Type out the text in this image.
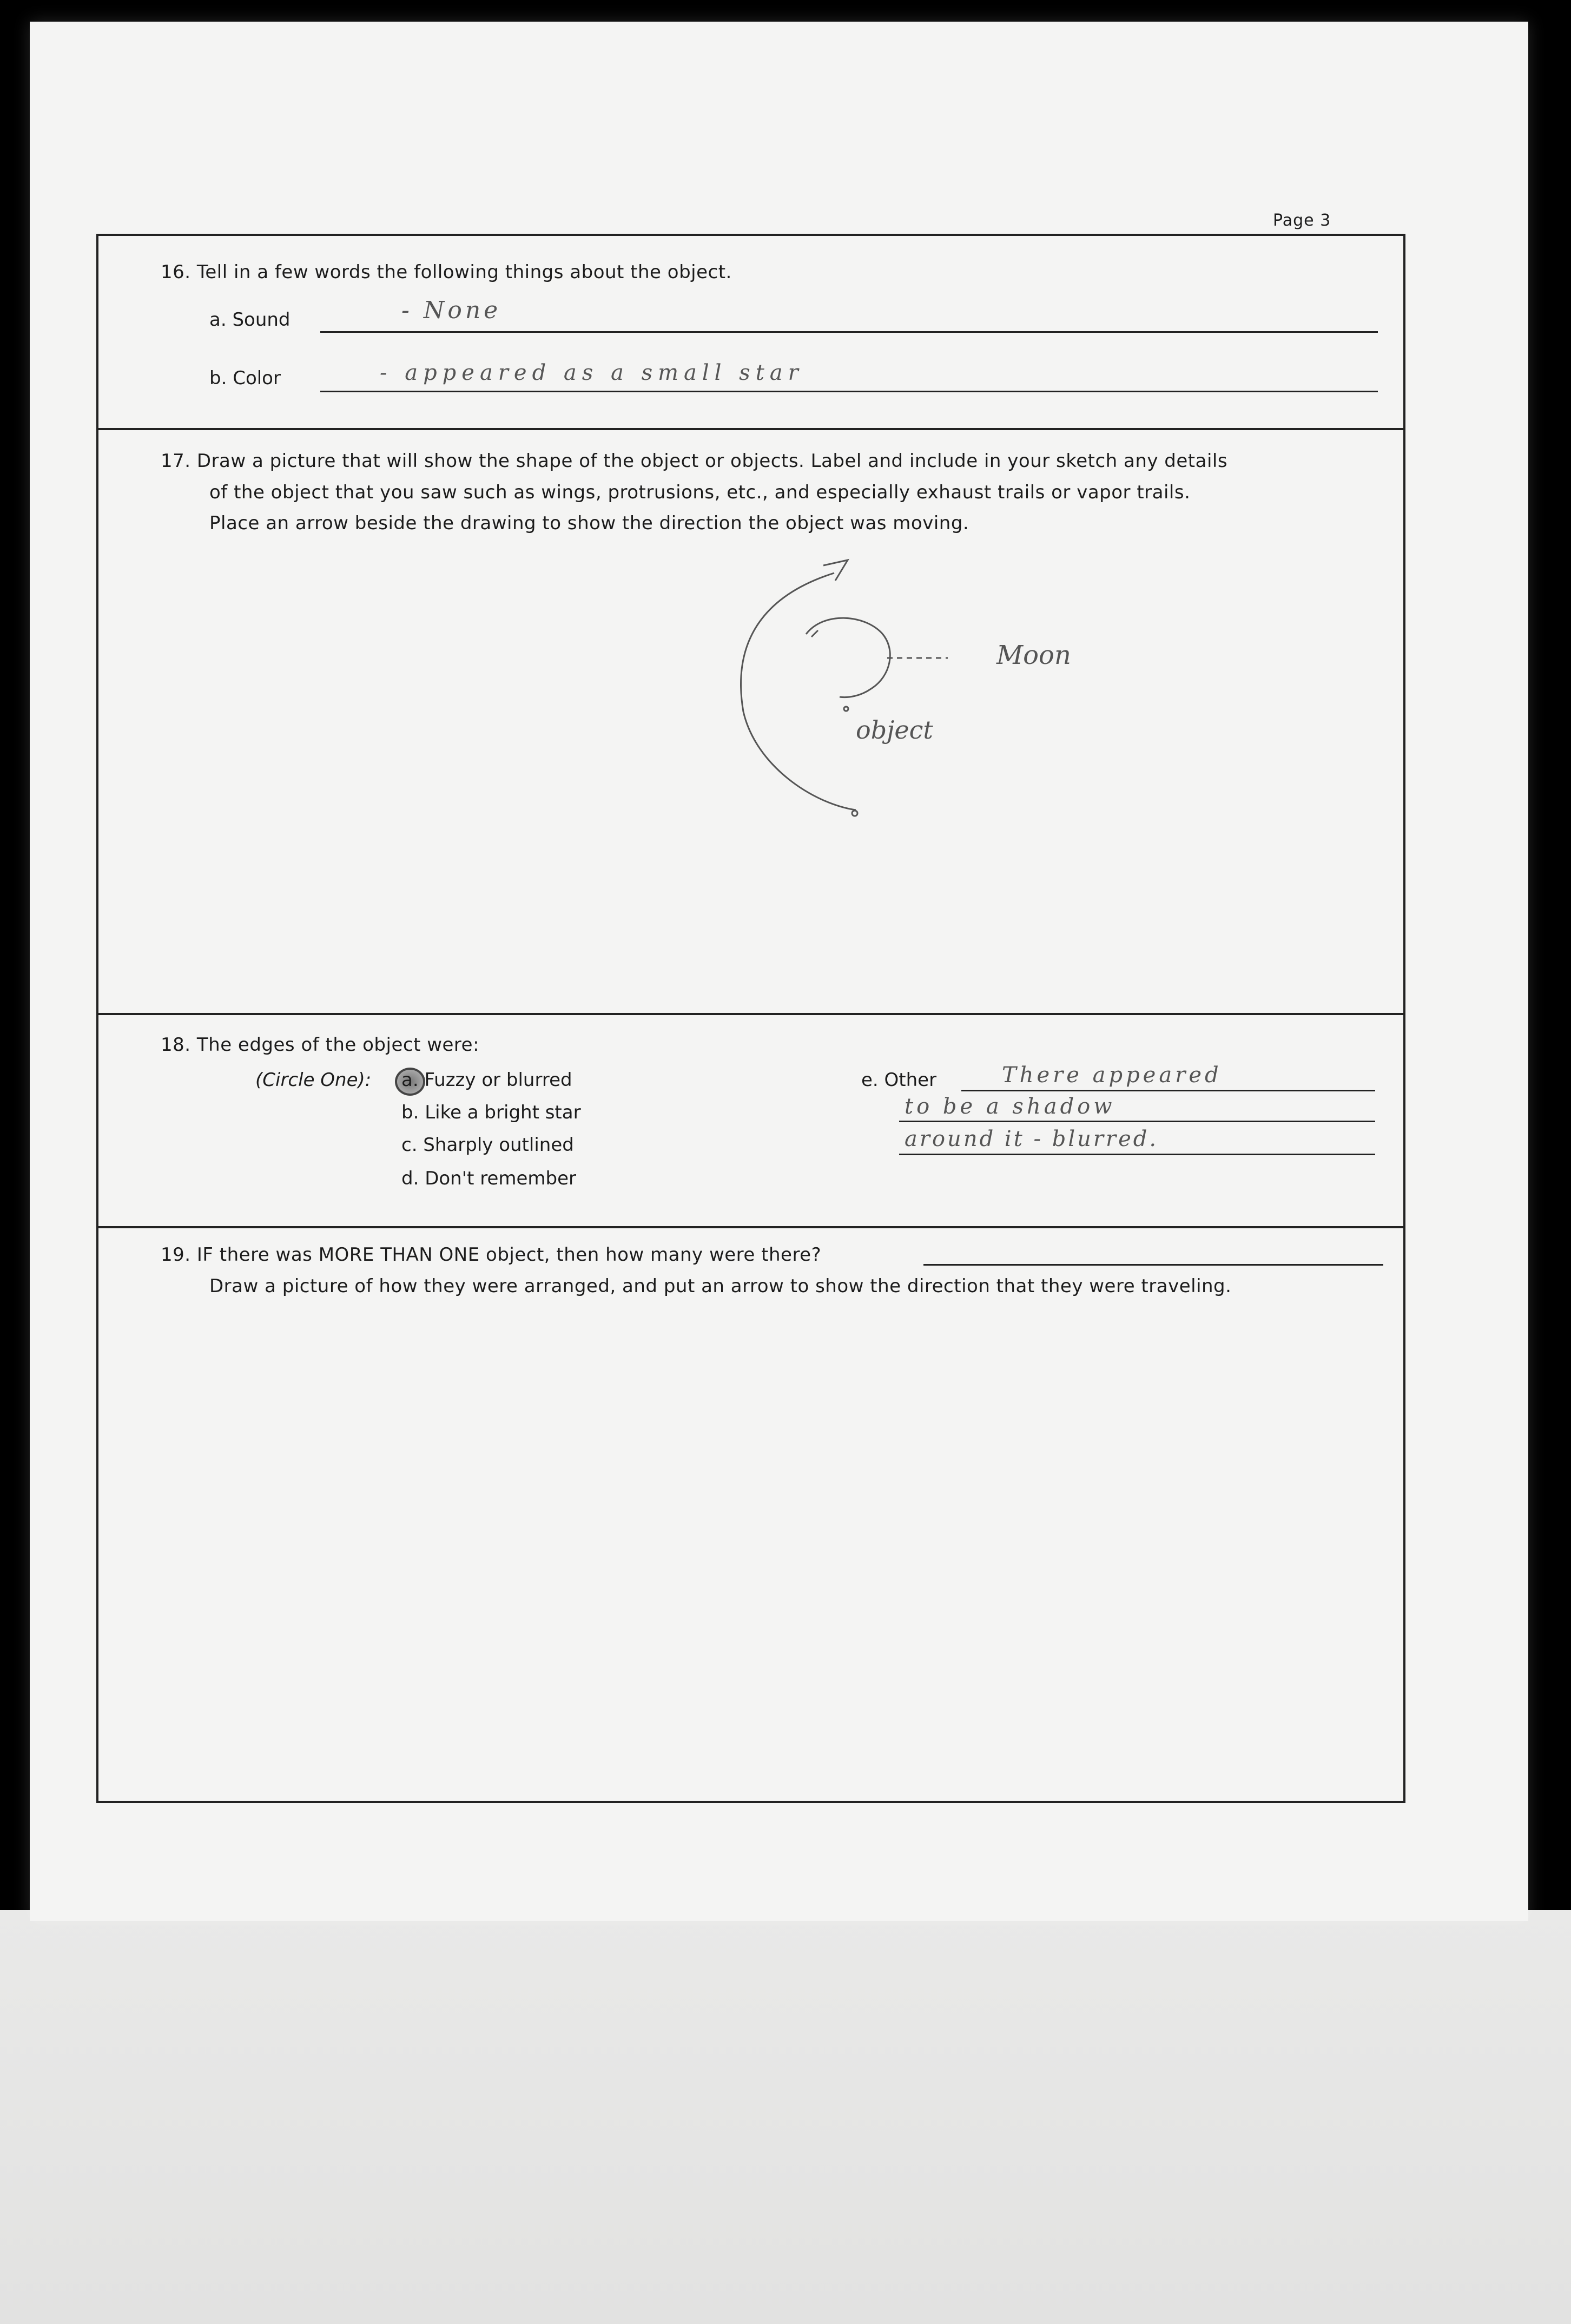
Page 3
16. Tell in a few words the following things about the object.
a. Sound	- None
b. Color	- appeared as a small star
17. Draw a picture that will show the shape of the object or objects. Label and include in your sketch any details
of the object that you saw such as wings, protrusions, etc., and especially exhaust trails or vapor trails.
Place an arrow beside the drawing to show the direction the object was moving.
Moon
object
18. The edges of the object were:
(Circle One): a. Fuzzy or blurred
b. Like a bright star
c. Sharply outlined
d. Don't remember
e. Other	There appeared
to be a shadow
around it - blurred.
19. IF there was MORE THAN ONE object, then how many were there?
Draw a picture of how they were arranged, and put an arrow to show the direction that they were traveling.
